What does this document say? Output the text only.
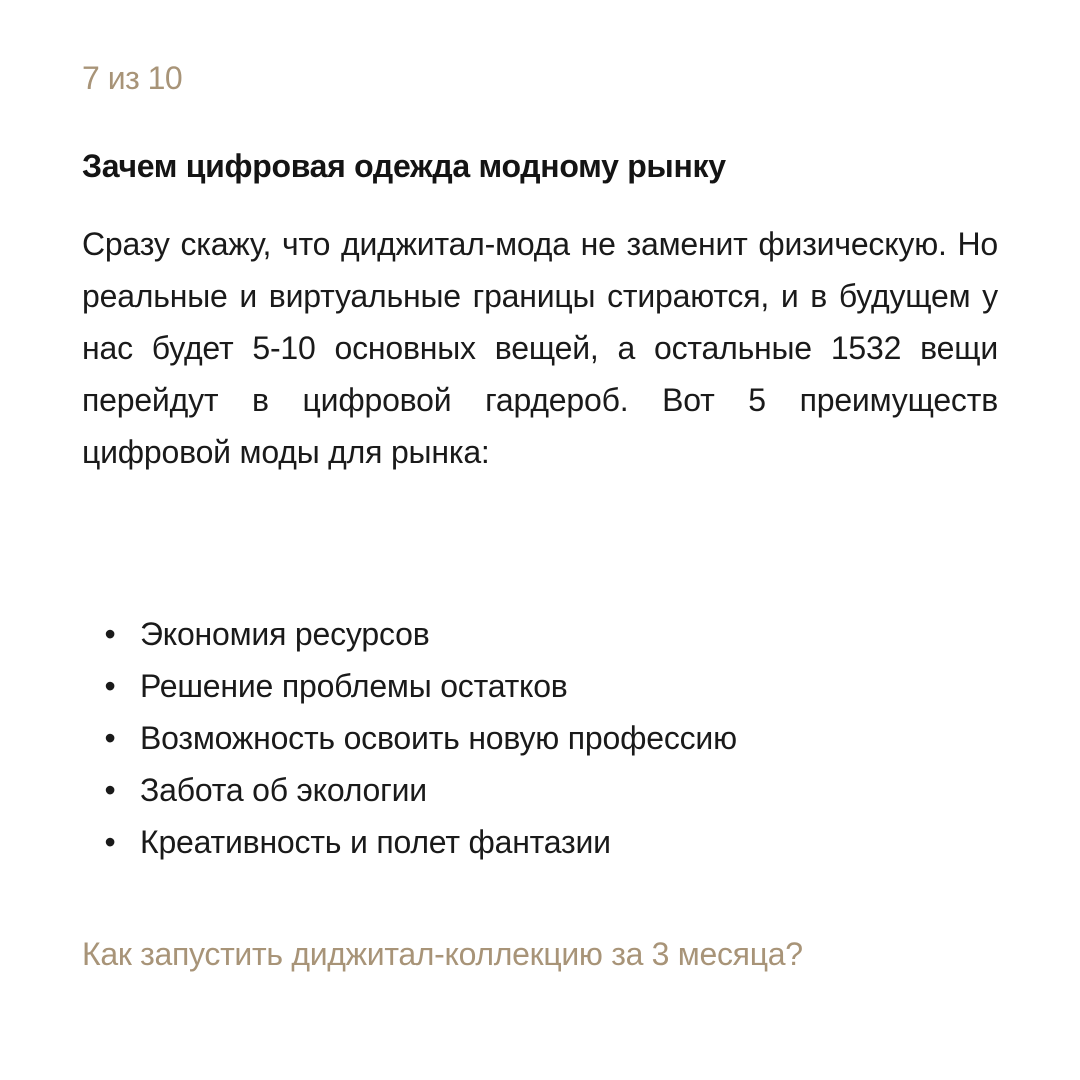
7 из 10
Зачем цифровая одежда модному рынку

Сразу скажу, что диджитал-мода не заменит физическую. Но реальные и виртуальные границы стираются, и в будущем у нас будет 5-10 основных вещей, а остальные 1532 вещи перейдут в цифровой гардероб. Вот 5 преимуществ цифровой моды для рынка:

• Экономия ресурсов
• Решение проблемы остатков
• Возможность освоить новую профессию
• Забота об экологии
• Креативность и полет фантазии
Как запустить диджитал-коллекцию за 3 месяца?
